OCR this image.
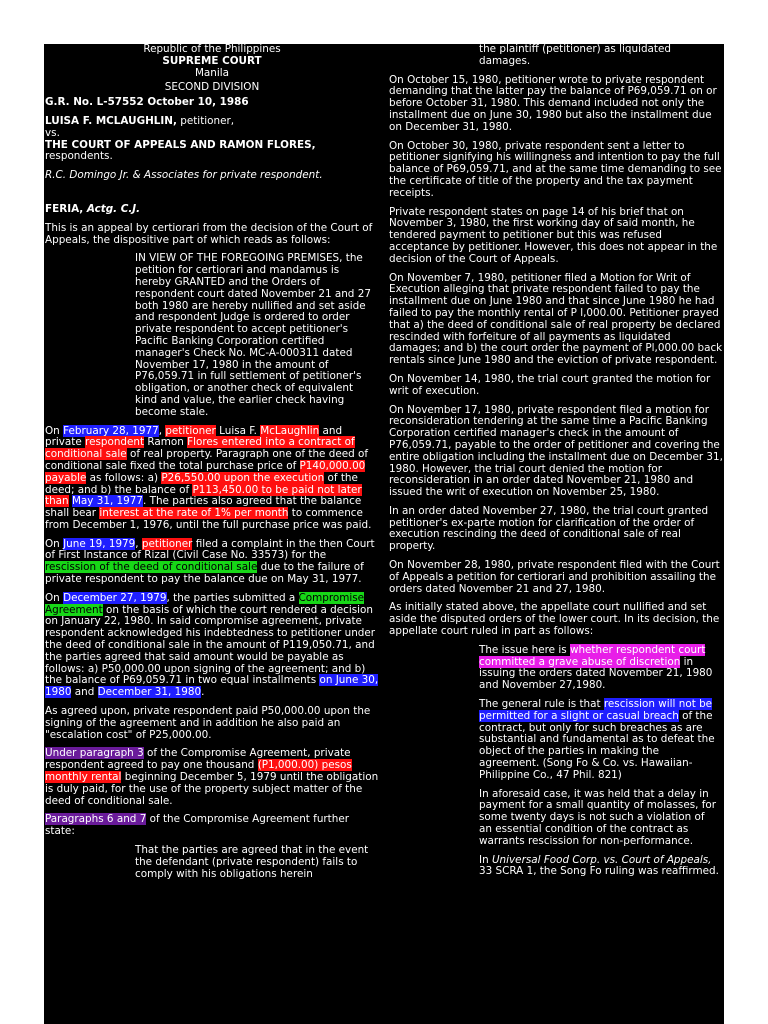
Republic of the Philippines
SUPREME COURT
Manila
SECOND DIVISION
G.R. No. L-57552 October 10, 1986
LUISA F. MCLAUGHLIN, petitioner,
vs.
THE COURT OF APPEALS AND RAMON FLORES,
respondents.
R.C. Domingo Jr. & Associates for private respondent.
FERIA, Actg. C.J.

This is an appeal by certiorari from the decision of the Court of Appeals, the dispositive part of which reads as follows:

IN VIEW OF THE FOREGOING PREMISES, the petition for certiorari and mandamus is hereby GRANTED and the Orders of respondent court dated November 21 and 27 both 1980 are hereby nullified and set aside and respondent Judge is ordered to order private respondent to accept petitioner's Pacific Banking Corporation certified manager's Check No. MC-A-000311 dated November 17, 1980 in the amount of P76,059.71 in full settlement of petitioner's obligation, or another check of equivalent kind and value, the earlier check having become stale.

On February 28, 1977, petitioner Luisa F. McLaughlin and private respondent Ramon Flores entered into a contract of conditional sale of real property. Paragraph one of the deed of conditional sale fixed the total purchase price of P140,000.00 payable as follows: a) P26,550.00 upon the execution of the deed; and b) the balance of P113,450.00 to be paid not later than May 31, 1977. The parties also agreed that the balance shall bear interest at the rate of 1% per month to commence from December 1, 1976, until the full purchase price was paid.

On June 19, 1979, petitioner filed a complaint in the then Court of First Instance of Rizal (Civil Case No. 33573) for the rescission of the deed of conditional sale due to the failure of private respondent to pay the balance due on May 31, 1977.

On December 27, 1979, the parties submitted a Compromise Agreement on the basis of which the court rendered a decision on January 22, 1980. In said compromise agreement, private respondent acknowledged his indebtedness to petitioner under the deed of conditional sale in the amount of P119,050.71, and the parties agreed that said amount would be payable as follows: a) P50,000.00 upon signing of the agreement; and b) the balance of P69,059.71 in two equal installments on June 30, 1980 and December 31, 1980.

As agreed upon, private respondent paid P50,000.00 upon the signing of the agreement and in addition he also paid an "escalation cost" of P25,000.00.

Under paragraph 3 of the Compromise Agreement, private respondent agreed to pay one thousand (P1,000.00) pesos monthly rental beginning December 5, 1979 until the obligation is duly paid, for the use of the property subject matter of the deed of conditional sale.

Paragraphs 6 and 7 of the Compromise Agreement further state:

That the parties are agreed that in the event the defendant (private respondent) fails to comply with his obligations herein

the plaintiff (petitioner) as liquidated damages.

On October 15, 1980, petitioner wrote to private respondent demanding that the latter pay the balance of P69,059.71 on or before October 31, 1980. This demand included not only the installment due on June 30, 1980 but also the installment due on December 31, 1980.

On October 30, 1980, private respondent sent a letter to petitioner signifying his willingness and intention to pay the full balance of P69,059.71, and at the same time demanding to see the certificate of title of the property and the tax payment receipts.

Private respondent states on page 14 of his brief that on November 3, 1980, the first working day of said month, he tendered payment to petitioner but this was refused acceptance by petitioner. However, this does not appear in the decision of the Court of Appeals.

On November 7, 1980, petitioner filed a Motion for Writ of Execution alleging that private respondent failed to pay the installment due on June 1980 and that since June 1980 he had failed to pay the monthly rental of P l,000.00. Petitioner prayed that a) the deed of conditional sale of real property be declared rescinded with forfeiture of all payments as liquidated damages; and b) the court order the payment of Pl,000.00 back rentals since June 1980 and the eviction of private respondent.

On November 14, 1980, the trial court granted the motion for writ of execution.

On November 17, 1980, private respondent filed a motion for reconsideration tendering at the same time a Pacific Banking Corporation certified manager's check in the amount of P76,059.71, payable to the order of petitioner and covering the entire obligation including the installment due on December 31, 1980. However, the trial court denied the motion for reconsideration in an order dated November 21, 1980 and issued the writ of execution on November 25, 1980.

In an order dated November 27, 1980, the trial court granted petitioner's ex-parte motion for clarification of the order of execution rescinding the deed of conditional sale of real property.

On November 28, 1980, private respondent filed with the Court of Appeals a petition for certiorari and prohibition assailing the orders dated November 21 and 27, 1980.

As initially stated above, the appellate court nullified and set aside the disputed orders of the lower court. In its decision, the appellate court ruled in part as follows:

The issue here is whether respondent court committed a grave abuse of discretion in issuing the orders dated November 21, 1980 and November 27,1980.

The general rule is that rescission will not be permitted for a slight or casual breach of the contract, but only for such breaches as are substantial and fundamental as to defeat the object of the parties in making the agreement. (Song Fo & Co. vs. Hawaiian-Philippine Co., 47 Phil. 821)

In aforesaid case, it was held that a delay in payment for a small quantity of molasses, for some twenty days is not such a violation of an essential condition of the contract as warrants rescission for non-performance.

In Universal Food Corp. vs. Court of Appeals, 33 SCRA 1, the Song Fo ruling was reaffirmed.
